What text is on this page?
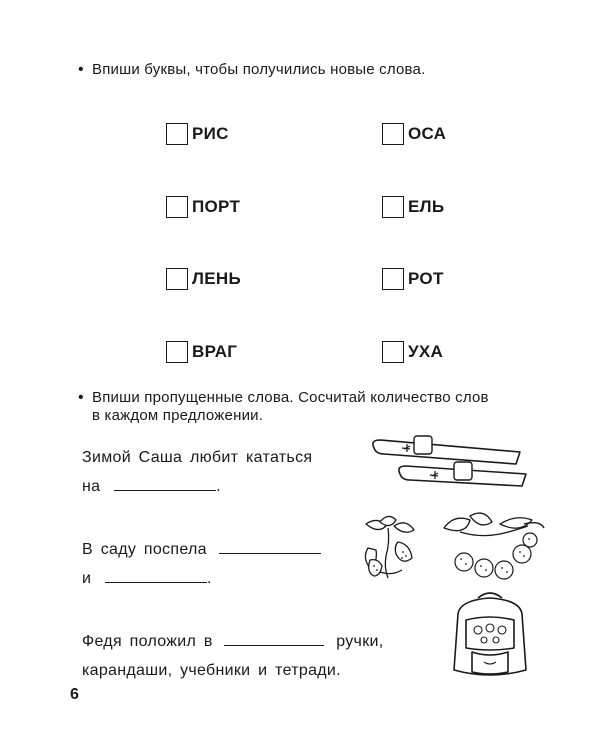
• Впиши буквы, чтобы получились новые слова.
РИС
ПОРТ
ЛЕНЬ
ВРАГ
ОСА
ЕЛЬ
РОТ
УХА
• Впиши пропущенные слова. Сосчитай количество слов
в каждом предложении.
Зимой Саша любит кататься
на	.
В саду поспела
и	.
Федя положил в	ручки,
карандаши, учебники и тетради.
6
